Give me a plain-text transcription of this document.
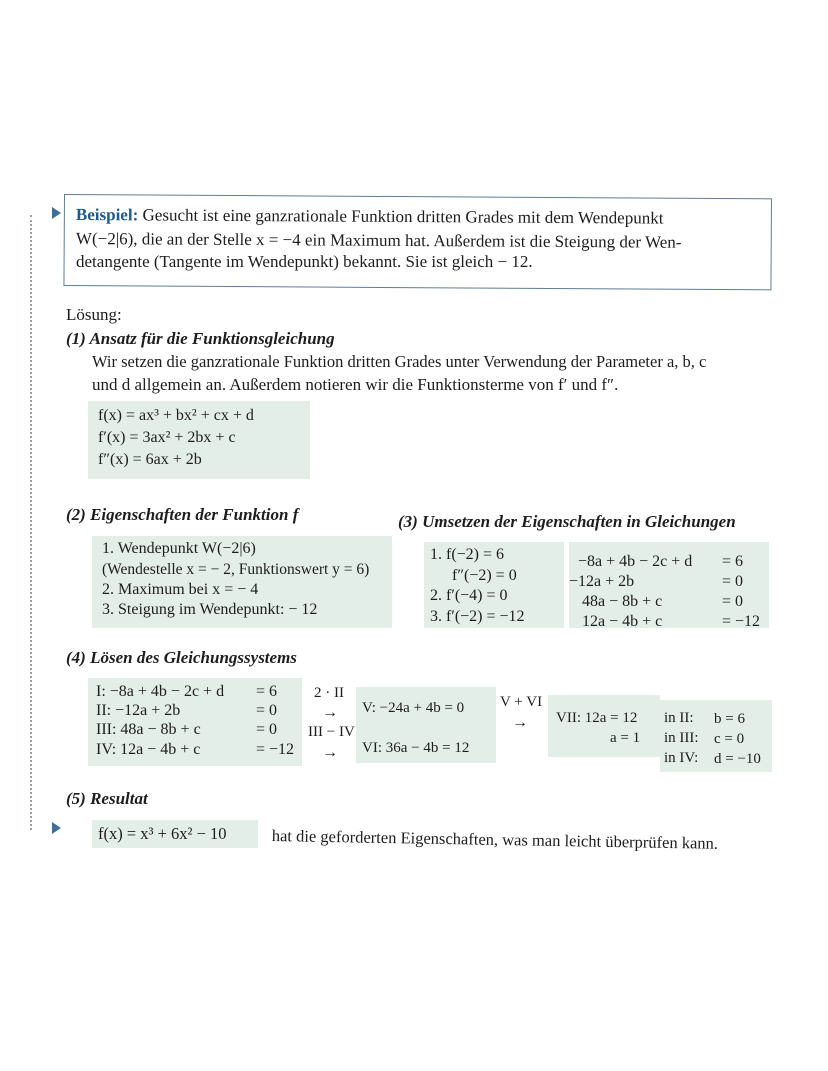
Beispiel: Gesucht ist eine ganzrationale Funktion dritten Grades mit dem Wendepunkt
W(−2|6), die an der Stelle x = −4 ein Maximum hat. Außerdem ist die Steigung der Wen-
detangente (Tangente im Wendepunkt) bekannt. Sie ist gleich − 12.
Lösung:
(1) Ansatz für die Funktionsgleichung
Wir setzen die ganzrationale Funktion dritten Grades unter Verwendung der Parameter a, b, c
und d allgemein an. Außerdem notieren wir die Funktionsterme von f′ und f″.
f(x) = ax³ + bx² + cx + d
f′(x) = 3ax² + 2bx + c
f″(x) = 6ax + 2b
(2) Eigenschaften der Funktion f
1. Wendepunkt W(−2|6)
(Wendestelle x = − 2, Funktionswert y = 6)
2. Maximum bei x = − 4
3. Steigung im Wendepunkt: − 12
(3) Umsetzen der Eigenschaften in Gleichungen
1. f(−2) = 6
f″(−2) = 0
2. f′(−4) = 0
3. f′(−2) = −12
−8a + 4b − 2c + d
−12a + 2b
48a − 8b + c
12a − 4b + c
= 6
= 0
= 0
= −12
(4) Lösen des Gleichungssystems
I: −8a + 4b − 2c + d
II: −12a + 2b
III: 48a − 8b + c
IV: 12a − 4b + c
= 6
= 0
= 0
= −12
2 · II
→
III − IV
→
V: −24a + 4b = 0
VI: 36a − 4b = 12
V + VI
→ VII: 12a = 12
a = 1
in II:
in III:
in IV:
b = 6
c = 0
d = −10
(5) Resultat
f(x) = x³ + 6x² − 10	hat die geforderten Eigenschaften, was man leicht überprüfen kann.
